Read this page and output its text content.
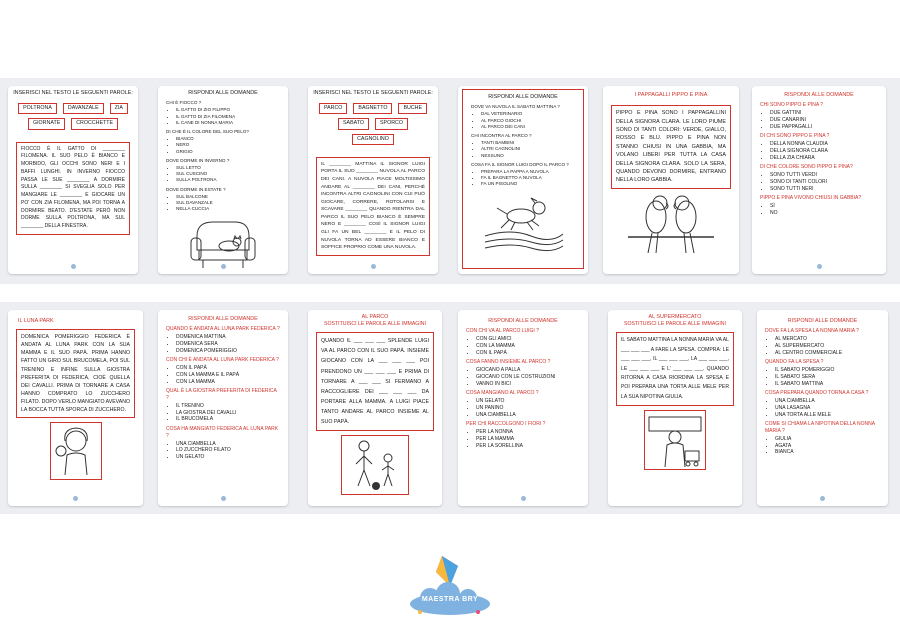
INSERISCI NEL TESTO LE SEGUENTI PAROLE:
POLTRONA	DAVANZALE	ZIA
GIORNATE	CROCCHETTE
FIOCCO È IL GATTO DI ________ FILOMENA. IL SUO PELO È BIANCO E MORBIDO, GLI OCCHI SONO NERI E I BAFFI LUNGHI. IN INVERNO FIOCCO PASSA LE SUE ________ A DORMIRE SULLA ________ SI SVEGLIA SOLO PER MANGIARE LE ________ E GIOCARE UN PO' CON ZIA FILOMENA, MA POI TORNA A DORMIRE BEATO. D'ESTATE PERÒ NON DORME SULLA POLTRONA, MA SUL ________ DELLA FINESTRA.
RISPONDI ALLE DOMANDE
CHI È FIOCCO ?
• IL GATTO DI ZIO FILIPPO
• IL GATTO DI ZIA FILOMENA
• IL CANE DI NONNA MARIA
DI CHE È IL COLORE DEL SUO PELO?
• BIANCO
• NERO
• GRIGIO
DOVE DORME IN INVERNO ?
• SUL LETTO
• SUL CUSCINO
• SULLA POLTRONA
DOVE DORME IN ESTATE ?
• SUL BALCONE
• SUL DAVANZALE
• NELLA CUCCIA
INSERISCI NEL TESTO LE SEGUENTI PAROLE:
PARCO	BAGNETTO	BUCHE
SABATO	SPORCO
CAGNOLINO
IL ________ MATTINA IL SIGNOR LUIGI PORTA IL SUO ________ NUVOLA AL PARCO DEI CANI. A NUVOLA PIACE MOLTISSIMO ANDARE AL ________ DEI CANI, PERCHÉ INCONTRA ALTRI CAGNOLINI CON CUI PUÒ GIOCARE, CORRERE, ROTOLARSI E SCAVARE ________ QUANDO RIENTRA DAL PARCO IL SUO PELO BIANCO È SEMPRE NERO E ________ COSÌ IL SIGNOR LUIGI GLI FA UN BEL ________ E IL PELO DI NUVOLA TORNA AD ESSERE BIANCO E SOFFICE PROPRIO COME UNA NUVOLA.
RISPONDI ALLE DOMANDE
DOVE VA NUVOLA IL SABATO MATTINA ?
• DAL VETERINARIO
• AL PARCO GIOCHI
• AL PARCO DEI CANI
CHI INCONTRA AL PARCO ?
• TANTI BAMBINI
• ALTRI CAGNOLINI
• NESSUNO
COSA FA IL SIGNOR LUIGI DOPO IL PARCO ?
• PREPARA LA PAPPA A NUVOLA
• FA IL BAGNETTO A NUVOLA
• FA UN PISOLINO
I PAPPAGALLI PIPPO E PINA
PIPPO E PINA SONO I PAPPAGALLINI DELLA SIGNORA CLARA. LE LORO PIUME SONO DI TANTI COLORI: VERDE, GIALLO, ROSSO E BLU. PIPPO E PINA NON STANNO CHIUSI IN UNA GABBIA, MA VOLANO LIBERI PER TUTTA LA CASA DELLA SIGNORA CLARA. SOLO LA SERA, QUANDO DEVONO DORMIRE, ENTRANO NELLA LORO GABBIA.
RISPONDI ALLE DOMANDE
CHI SONO PIPPO E PINA ?
• DUE GATTINI
• DUE CANARINI
• DUE PAPPAGALLI
DI CHI SONO PIPPO E PINA ?
• DELLA NONNA CLAUDIA
• DELLA SIGNORA CLARA
• DELLA ZIA CHIARA
DI CHE COLORE SONO PIPPO E PINA?
• SONO TUTTI VERDI
• SONO DI TANTI COLORI
• SONO TUTTI NERI
PIPPO E PINA VIVONO CHIUSI IN GABBIA?
• SÌ
• NO
IL LUNA PARK
DOMENICA POMERIGGIO FEDERICA È ANDATA AL LUNA PARK CON LA SUA MAMMA E IL SUO PAPÀ. PRIMA HANNO FATTO UN GIRO SUL BRUCOMELA, POI SUL TRENINO E INFINE SULLA GIOSTRA PREFERITA DI FEDERICA, CIOÈ QUELLA DEI CAVALLI. PRIMA DI TORNARE A CASA HANNO COMPRATO LO ZUCCHERO FILATO. DOPO VERLO MANGIATO AVEVANO LA BOCCA TUTTA SPORCA DI ZUCCHERO.
RISPONDI ALLE DOMANDE
QUANDO È ANDATA AL LUNA PARK FEDERICA ?
• DOMENICA MATTINA
• DOMENICA SERA
• DOMENICA POMERIGGIO
CON CHI È ANDATA AL LUNA PARK FEDERICA ?
• CON IL PAPÀ
• CON LA MAMMA E IL PAPÀ
• CON LA MAMMA
QUAL È LA GIOSTRA PREFERITA DI FEDERICA ?
• IL TRENINO
• LA GIOSTRA DEI CAVALLI
• IL BRUCOMELA
COSA HA MANGIATO FEDERICA AL LUNA PARK ?
• UNA CIAMBELLA
• LO ZUCCHERO FILATO
• UN GELATO
AL PARCO
SOSTITUISCI LE PAROLE ALLE IMMAGINI
QUANDO IL ___ ___ ___ SPLENDE LUIGI VA AL PARCO CON IL SUO PAPÀ. INSIEME GIOCANO CON LA ___ ___ ___ POI PRENDONO UN ___ ___ ___ E PRIMA DI TORNARE A ___ ___ SI FERMANO A RACCOGLIERE DEI ___ ___ ___ DA PORTARE ALLA MAMMA. A LUIGI PIACE TANTO ANDARE AL PARCO INSIEME AL SUO PAPÀ.
RISPONDI ALLE DOMANDE
CON CHI VA AL PARCO LUIGI ?
• CON GLI AMICI
• CON LA MAMMA
• CON IL PAPÀ
COSA FANNO INSIEME AL PARCO ?
• GIOCANO A PALLA
• GIOCANO CON LE COSTRUZIONI
• VANNO IN BICI
COSA MANGIANO AL PARCO ?
• UN GELATO
• UN PANINO
• UNA CIAMBELLA
PER CHI RACCOLGONO I FIORI ?
• PER LA NONNA
• PER LA MAMMA
• PER LA SORELLINA
AL SUPERMERCATO
SOSTITUISCI LE PAROLE ALLE IMMAGINI
IL SABATO MATTINA LA NONNA MARIA VA AL ___ ___ ___ A FARE LA SPESA. COMPRA: LE ___ ___ ___, IL ___ ___ ___, LA ___ ___ ___, LE ___ ___ ___ E L' ___ ___ ___. QUANDO RITORNA A CASA RIORDINA LA SPESA E POI PREPARA UNA TORTA ALLE MELE PER LA SUA NIPOTINA GIULIA.
RISPONDI ALLE DOMANDE
DOVE FA LA SPESA LA NONNA MARIA ?
• AL MERCATO
• AL SUPERMERCATO
• AL CENTRO COMMERCIALE
QUANDO FA LA SPESA ?
• IL SABATO POMERIGGIO
• IL SABATO SERA
• IL SABATO MATTINA
COSA PREPARA QUANDO TORNA A CASA ?
• UNA CIAMBELLA
• UNA LASAGNA
• UNA TORTA ALLE MELE
COME SI CHIAMA LA NIPOTINA DELLA NONNA MARIA ?
• GIULIA
• AGATA
• BIANCA
MAESTRA BRY
